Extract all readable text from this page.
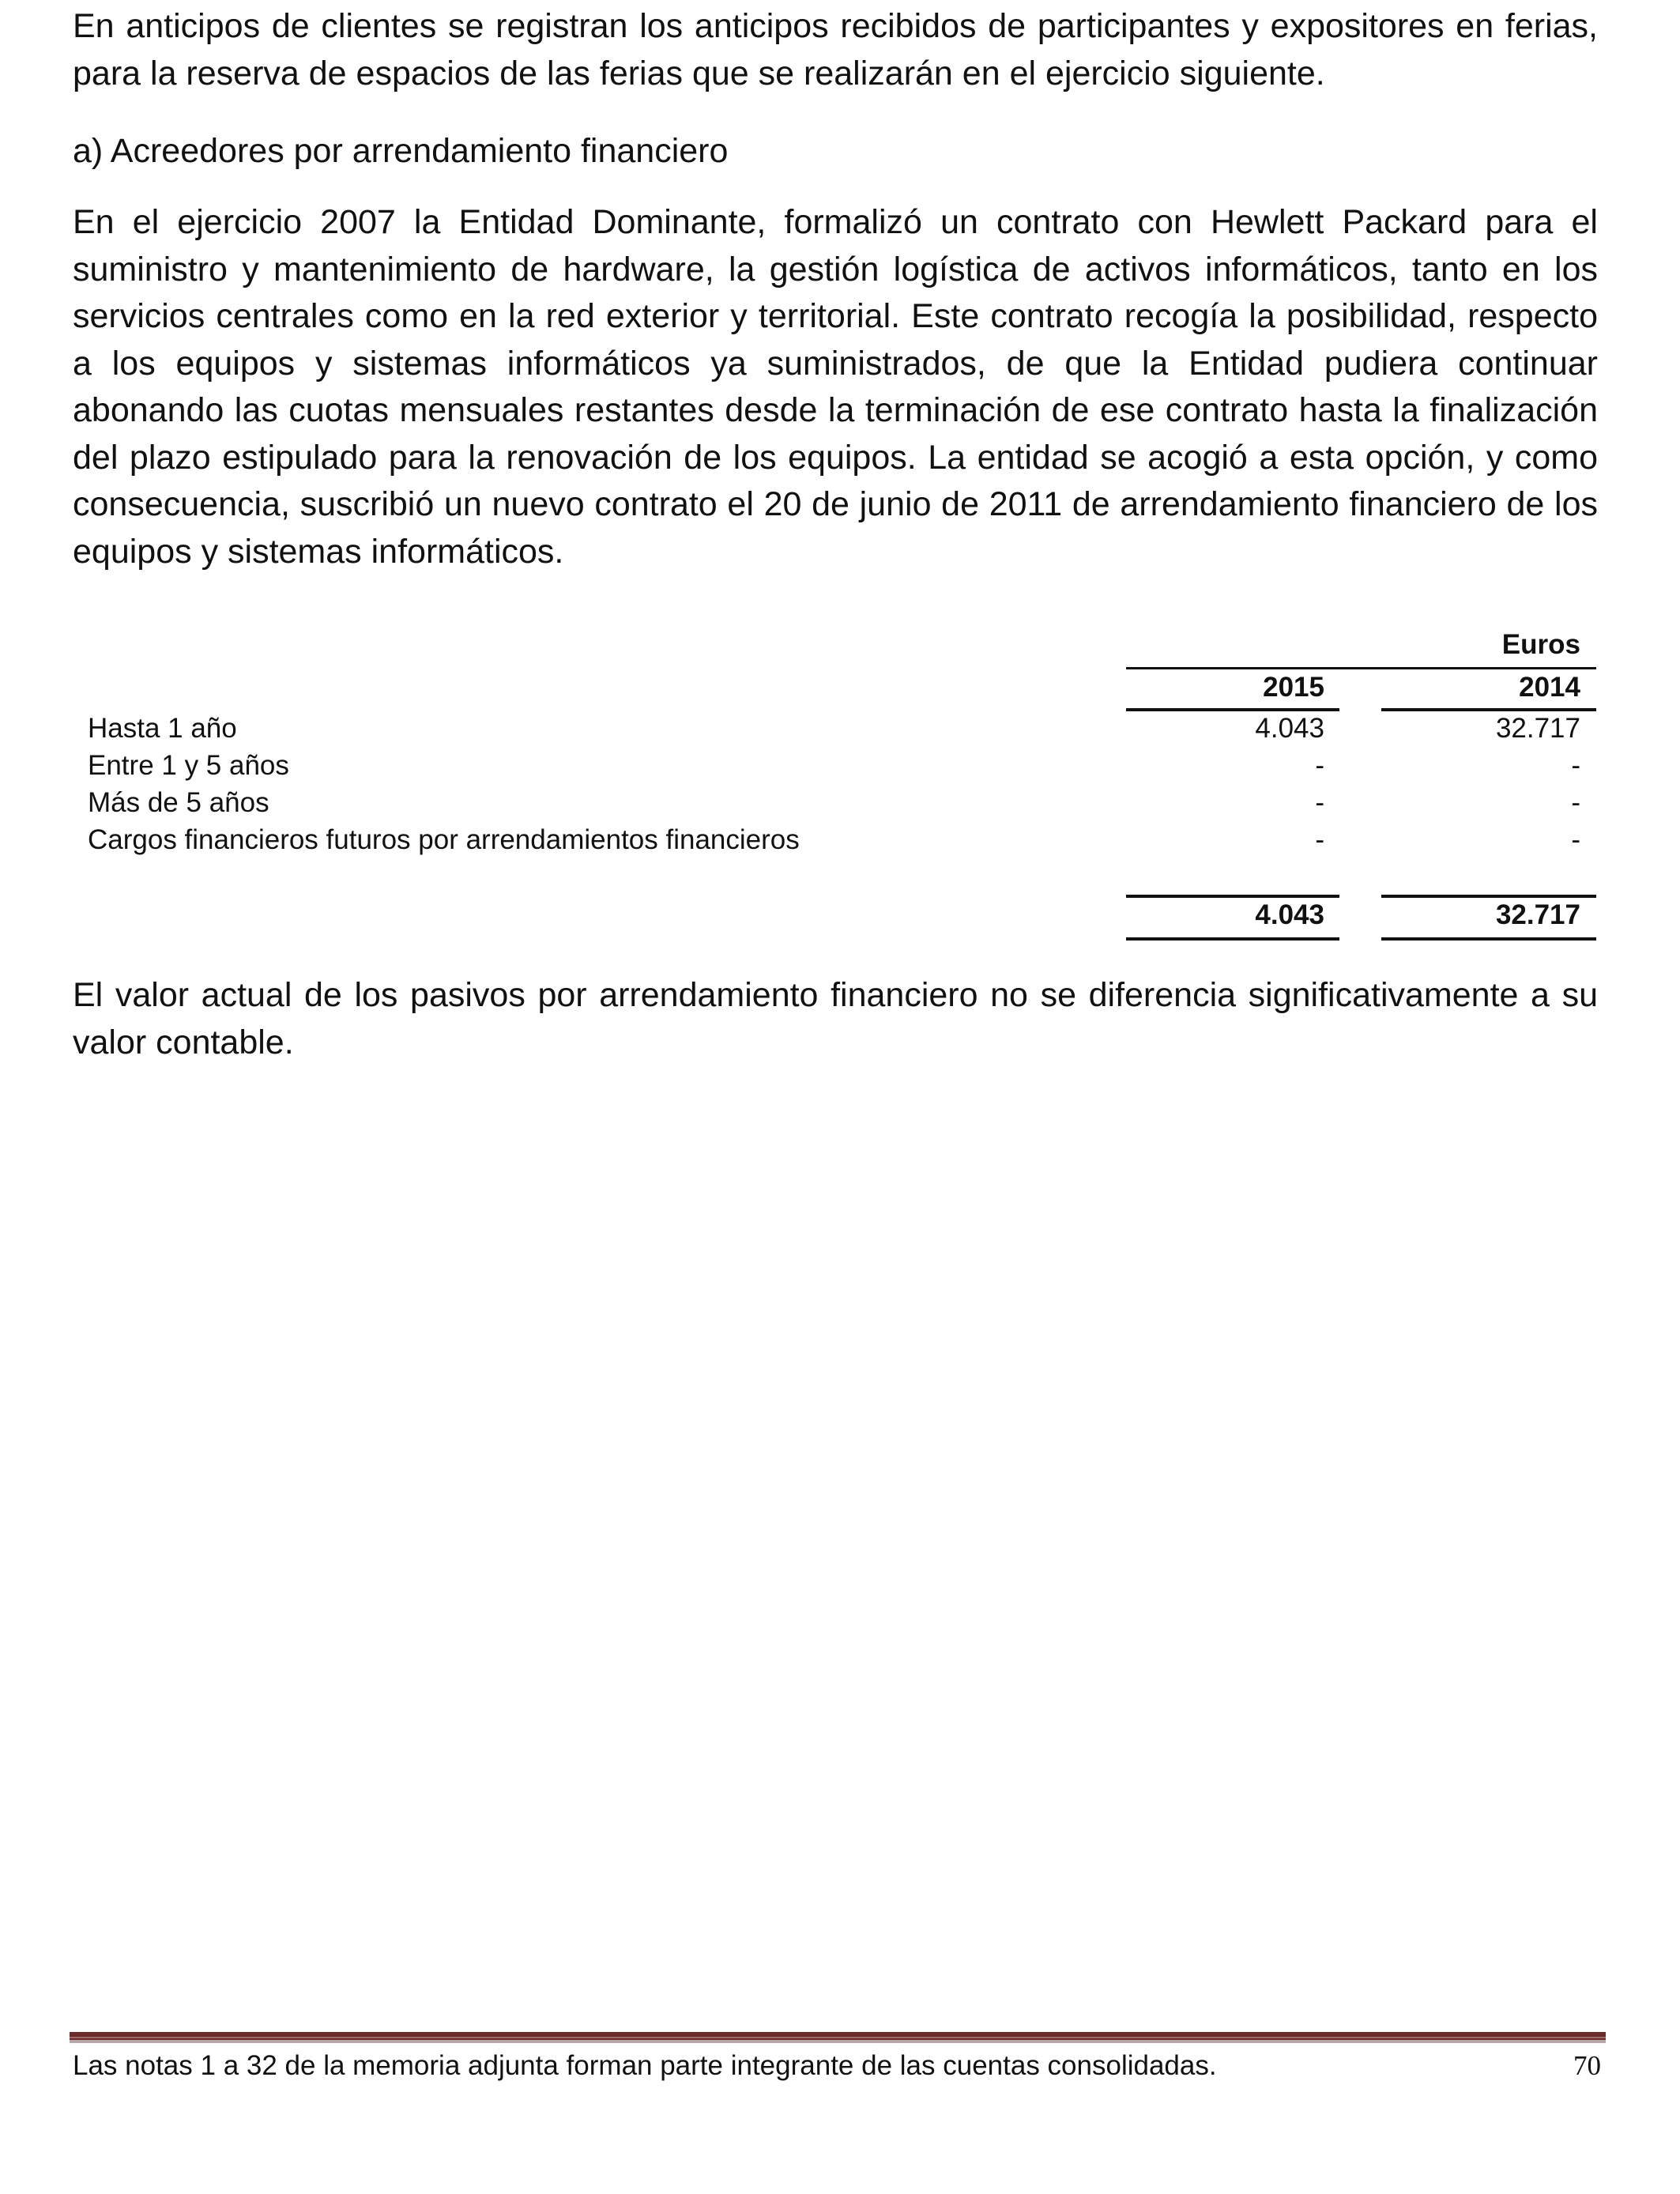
En anticipos de clientes se registran los anticipos recibidos de participantes y expositores en ferias, para la reserva de espacios de las ferias que se realizarán en el ejercicio siguiente.

a) Acreedores por arrendamiento financiero

En el ejercicio 2007 la Entidad Dominante, formalizó un contrato con Hewlett Packard para el suministro y mantenimiento de hardware, la gestión logística de activos informáticos, tanto en los servicios centrales como en la red exterior y territorial. Este contrato recogía la posibilidad, respecto a los equipos y sistemas informáticos ya suministrados, de que la Entidad pudiera continuar abonando las cuotas mensuales restantes desde la terminación de ese contrato hasta la finalización del plazo estipulado para la renovación de los equipos. La entidad se acogió a esta opción, y como consecuencia, suscribió un nuevo contrato el 20 de junio de 2011 de arrendamiento financiero de los equipos y sistemas informáticos.

Euros
2015	2014
Hasta 1 año	4.043	32.717
Entre 1 y 5 años	-	-
Más de 5 años	-	-
Cargos financieros futuros por arrendamientos financieros	-	-
4.043	32.717

El valor actual de los pasivos por arrendamiento financiero no se diferencia significativamente a su valor contable.

Las notas 1 a 32 de la memoria adjunta forman parte integrante de las cuentas consolidadas.	70
